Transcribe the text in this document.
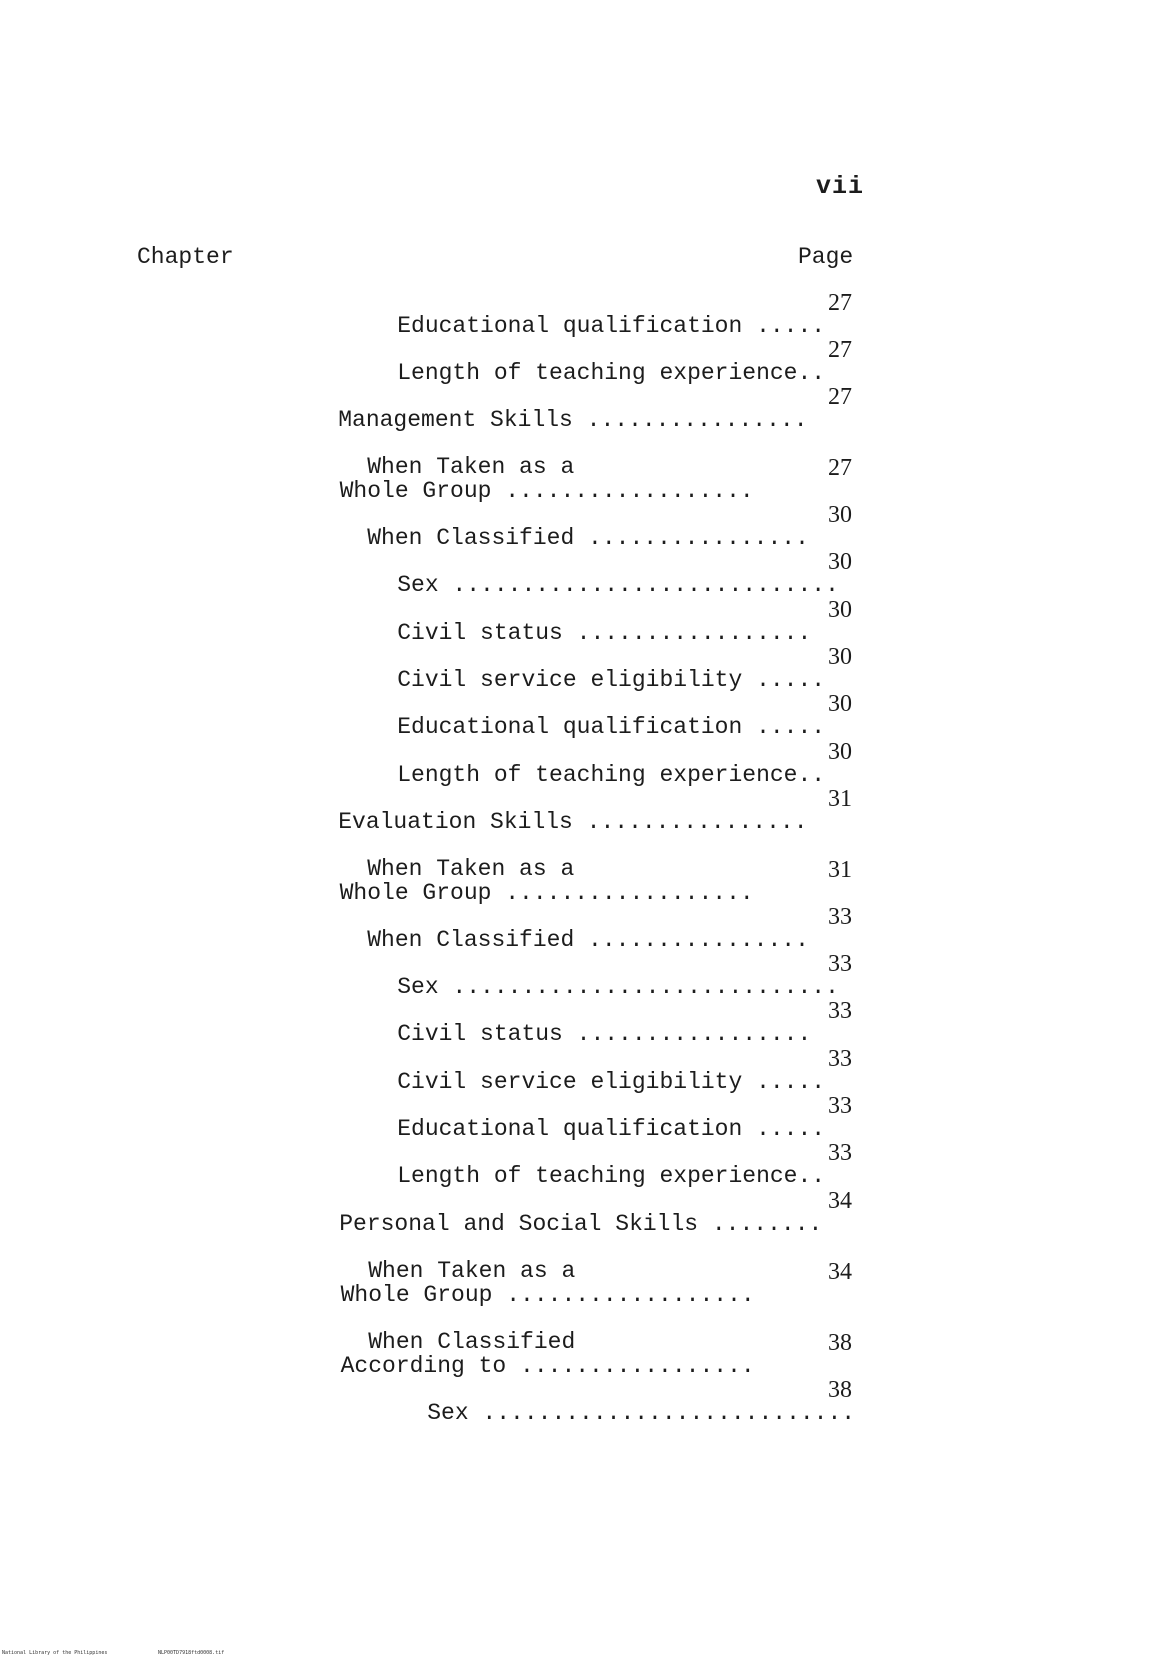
vii
Chapter	Page

Educational qualification .....

27

Length of teaching experience..

27

Management Skills ................

27

When Taken as a
Whole Group ..................

27

When Classified ................

30

Sex ............................

30

Civil status .................

30

Civil service eligibility .....

30

Educational qualification .....

30

Length of teaching experience..

30

Evaluation Skills ................

31

When Taken as a
Whole Group ..................

31

When Classified ................

33

Sex ............................

33

Civil status .................

33

Civil service eligibility .....

33

Educational qualification .....

33

Length of teaching experience..

33

Personal and Social Skills ........

34

When Taken as a
Whole Group ..................

34

When Classified
According to .................

38

Sex ...........................

38
National Library of the Philippines	NLP00TD7918ftd0008.tif
